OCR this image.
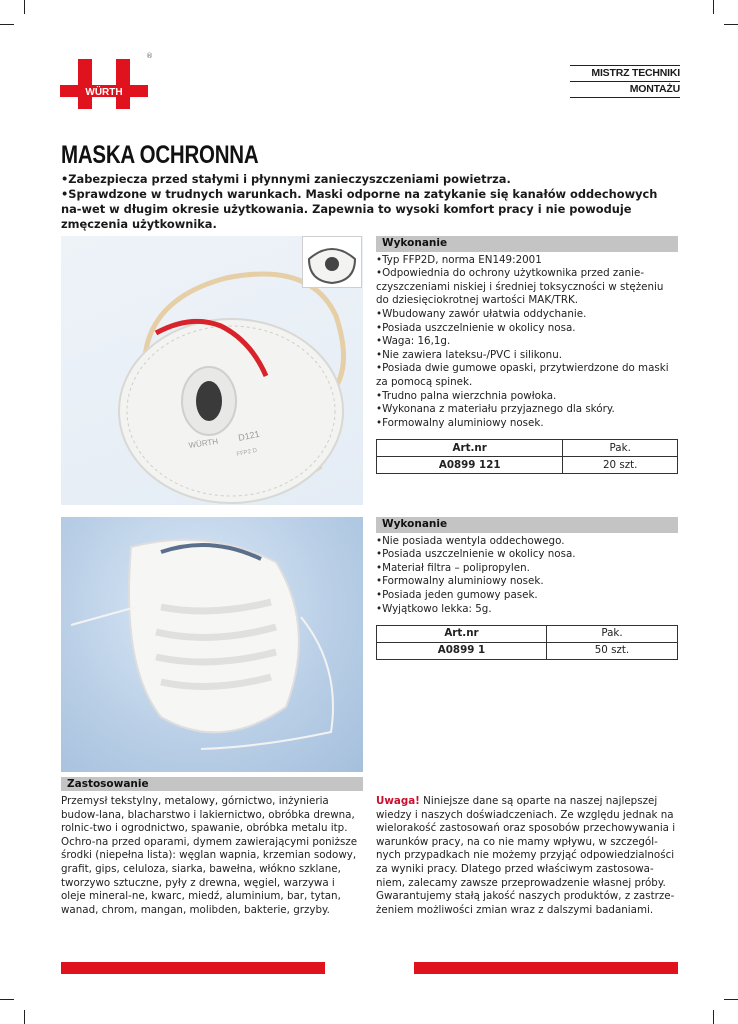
WÜRTH
®
MISTRZ TECHNIKI
MONTAŻU
MASKA OCHRONNA

•Zabezpiecza przed stałymi i płynnymi zanieczyszczeniami powietrza.

•Sprawdzone w trudnych warunkach. Maski odporne na zatykanie się kanałów oddechowych na-wet w długim okresie użytkowania. Zapewnia to wysoki komfort pracy i nie powoduje zmęczenia użytkownika.

WÜRTH
D121
FFP2 D
Wykonanie
•Typ FFP2D, norma EN149:2001
•Odpowiednia do ochrony użytkownika przed zanie-czyszczeniami niskiej i średniej toksyczności w stężeniu do dziesięciokrotnej wartości MAK/TRK.
•Wbudowany zawór ułatwia oddychanie.
•Posiada uszczelnienie w okolicy nosa.
•Waga: 16,1g.
•Nie zawiera lateksu-/PVC i silikonu.
•Posiada dwie gumowe opaski, przytwierdzone do maski za pomocą spinek.
•Trudno palna wierzchnia powłoka.
•Wykonana z materiału przyjaznego dla skóry.
•Formowalny aluminiowy nosek.
Art.nr	Pak.
A0899 121	20 szt.
Wykonanie
•Nie posiada wentyla oddechowego.
•Posiada uszczelnienie w okolicy nosa.
•Materiał filtra – polipropylen.
•Formowalny aluminiowy nosek.
•Posiada jeden gumowy pasek.
•Wyjątkowo lekka: 5g.
Art.nr	Pak.
A0899 1	50 szt.
Zastosowanie
Przemysł tekstylny, metalowy, górnictwo, inżynieria budow-lana, blacharstwo i lakiernictwo, obróbka drewna, rolnic-two i ogrodnictwo, spawanie, obróbka metalu itp. Ochro-na przed oparami, dymem zawierającymi poniższe środki (niepełna lista): węglan wapnia, krzemian sodowy, grafit, gips, celuloza, siarka, bawełna, włókno szklane, tworzywo sztuczne, pyły z drewna, węgiel, warzywa i oleje mineral-ne, kwarc, miedź, aluminium, bar, tytan, wanad, chrom, mangan, molibden, bakterie, grzyby.
Uwaga! Niniejsze dane są oparte na naszej najlepszej wiedzy i naszych doświadczeniach. Ze względu jednak na wielorakość zastosowań oraz sposobów przechowywania i warunków pracy, na co nie mamy wpływu, w szczegól-nych przypadkach nie możemy przyjąć odpowiedzialności za wyniki pracy. Dlatego przed właściwym zastosowa-niem, zalecamy zawsze przeprowadzenie własnej próby. Gwarantujemy stałą jakość naszych produktów, z zastrze-żeniem możliwości zmian wraz z dalszymi badaniami.
